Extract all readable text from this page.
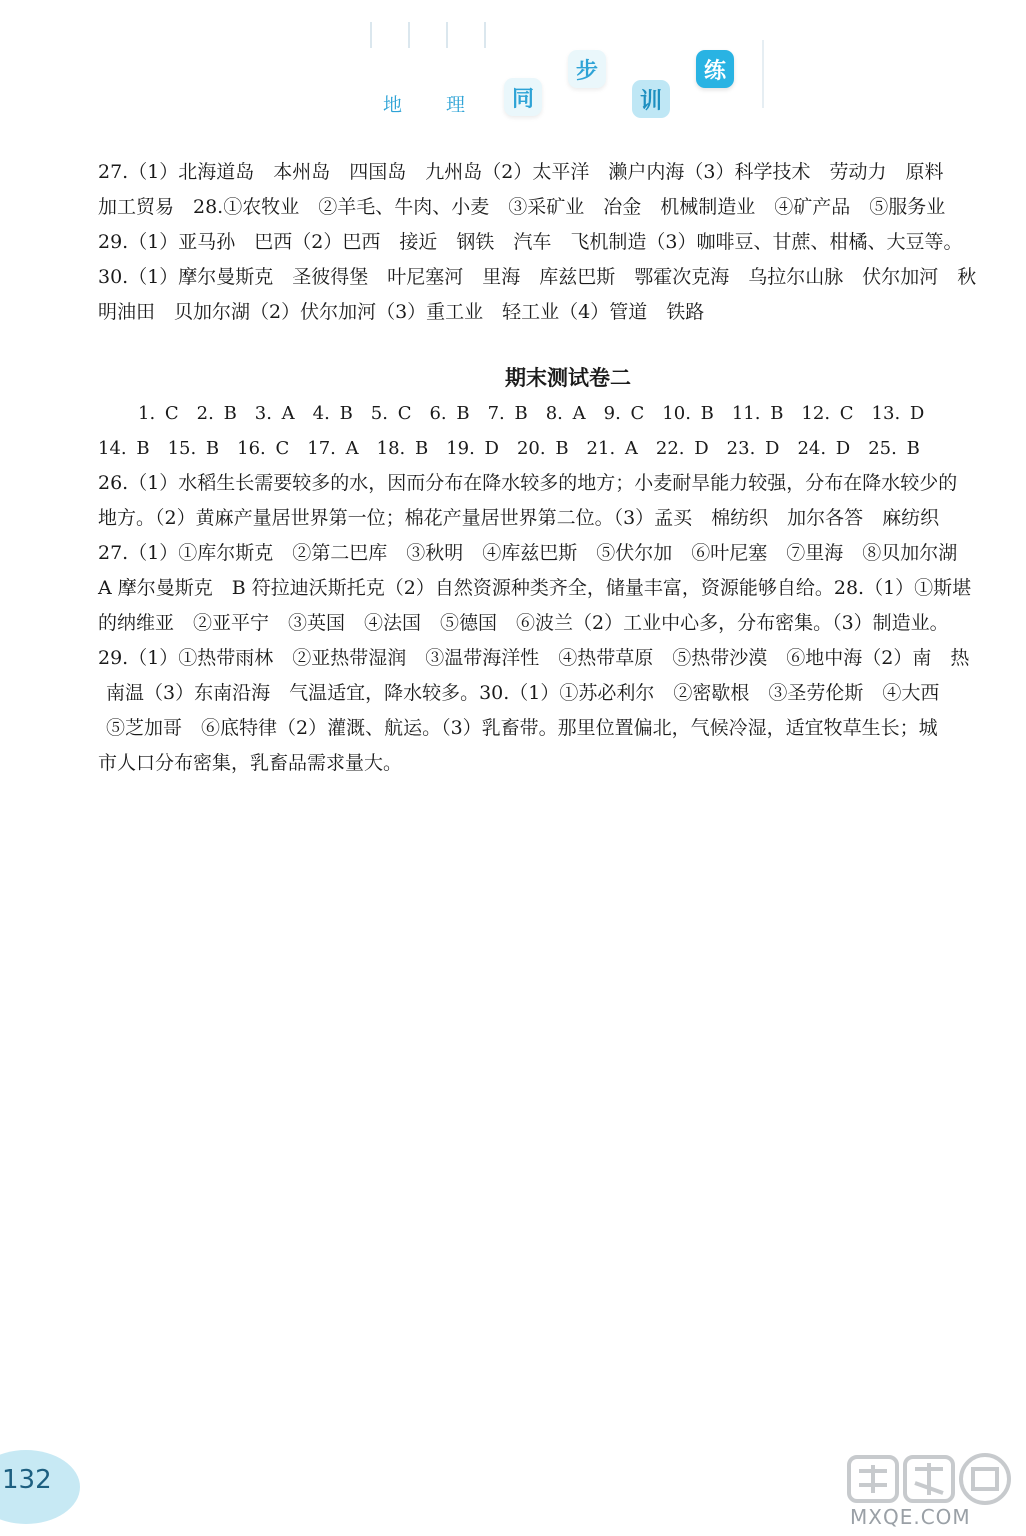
地 理	同
步
训
练

27.（1）北海道岛　本州岛　四国岛　九州岛（2）太平洋　濑户内海（3）科学技术　劳动力　原料

加工贸易　28.①农牧业　②羊毛、牛肉、小麦　③采矿业　冶金　机械制造业　④矿产品　⑤服务业

29.（1）亚马孙　巴西（2）巴西　接近　钢铁　汽车　飞机制造（3）咖啡豆、甘蔗、柑橘、大豆等。

30.（1）摩尔曼斯克　圣彼得堡　叶尼塞河　里海　库兹巴斯　鄂霍次克海　乌拉尔山脉　伏尔加河　秋

明油田　贝加尔湖（2）伏尔加河（3）重工业　轻工业（4）管道　铁路

期末测试卷二

1. C　2. B　3. A　4. B　5. C　6. B　7. B　8. A　9. C　10. B　11. B　12. C　13. D

14. B　15. B　16. C　17. A　18. B　19. D　20. B　21. A　22. D　23. D　24. D　25. B

26.（1）水稻生长需要较多的水，因而分布在降水较多的地方；小麦耐旱能力较强，分布在降水较少的

地方。（2）黄麻产量居世界第一位；棉花产量居世界第二位。（3）孟买　棉纺织　加尔各答　麻纺织

27.（1）①库尔斯克　②第二巴库　③秋明　④库兹巴斯　⑤伏尔加　⑥叶尼塞　⑦里海　⑧贝加尔湖

A 摩尔曼斯克　B 符拉迪沃斯托克（2）自然资源种类齐全，储量丰富，资源能够自给。28.（1）①斯堪

的纳维亚　②亚平宁　③英国　④法国　⑤德国　⑥波兰（2）工业中心多，分布密集。（3）制造业。

29.（1）①热带雨林　②亚热带湿润　③温带海洋性　④热带草原　⑤热带沙漠　⑥地中海（2）南　热

南温（3）东南沿海　气温适宜，降水较多。30.（1）①苏必利尔　②密歇根　③圣劳伦斯　④大西

⑤芝加哥　⑥底特律（2）灌溉、航运。（3）乳畜带。那里位置偏北，气候冷湿，适宜牧草生长；城

市人口分布密集，乳畜品需求量大。

132
MXQE.COM
